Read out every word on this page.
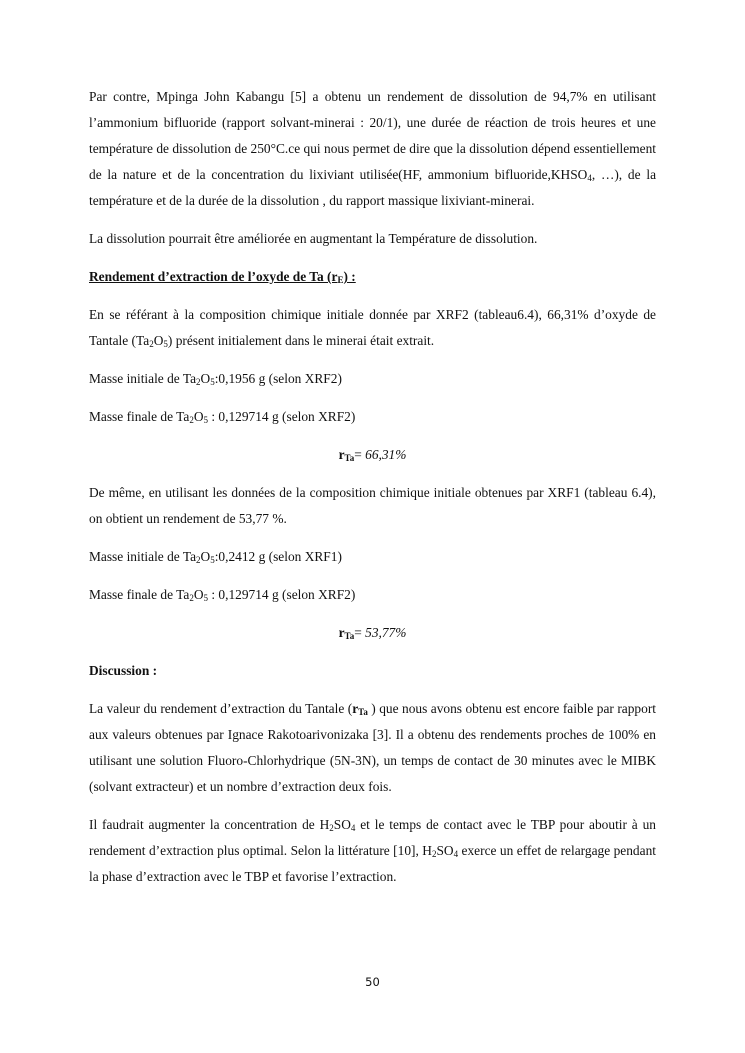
Par contre, Mpinga John Kabangu [5] a obtenu un rendement de dissolution de 94,7% en utilisant l’ammonium bifluoride (rapport solvant-minerai : 20/1), une durée de réaction de trois heures et une température de dissolution de 250°C.ce qui nous permet de dire que la dissolution dépend essentiellement de la nature et de la concentration du lixiviant utilisée(HF, ammonium $bifluoride,KHSO_4$, …), de la température et de la durée de la dissolution , du rapport massique lixiviant-minerai.

La dissolution pourrait être améliorée en augmentant la Température de dissolution.

Rendement d’extraction de l’oxyde de Ta $(r_E)$ :

En se référant à la composition chimique initiale donnée par XRF2 (tableau6.4), 66,31% d’oxyde de Tantale $(Ta_2O_5)$ présent initialement dans le minerai était extrait.

Masse initiale de $Ta_2O_5:0,1956$ g (selon XRF2)

Masse finale de $Ta_2O_5$ : 0,129714 g (selon XRF2)

$r_{Ta}= 66,31\%$

De même, en utilisant les données de la composition chimique initiale obtenues par XRF1 (tableau 6.4), on obtient un rendement de 53,77 %.

Masse initiale de $Ta_2O_5:0,2412$ g (selon XRF1)

Masse finale de $Ta_2O_5$ : 0,129714 g (selon XRF2)

$r_{Ta}= 53,77\%$
Discussion :

La valeur du rendement d’extraction du Tantale ($r_{Ta}$ ) que nous avons obtenu est encore faible par rapport aux valeurs obtenues par Ignace Rakotoarivonizaka [3]. Il a obtenu des rendements proches de 100% en utilisant une solution Fluoro-Chlorhydrique (5N-3N), un temps de contact de 30 minutes avec le MIBK (solvant extracteur) et un nombre d’extraction deux fois.

Il faudrait augmenter la concentration de $H_2SO_4$ et le temps de contact avec le TBP pour aboutir à un rendement d’extraction plus optimal. Selon la littérature [10], $H_2SO_4$ exerce un effet de relargage pendant la phase d’extraction avec le TBP et favorise l’extraction.

50
